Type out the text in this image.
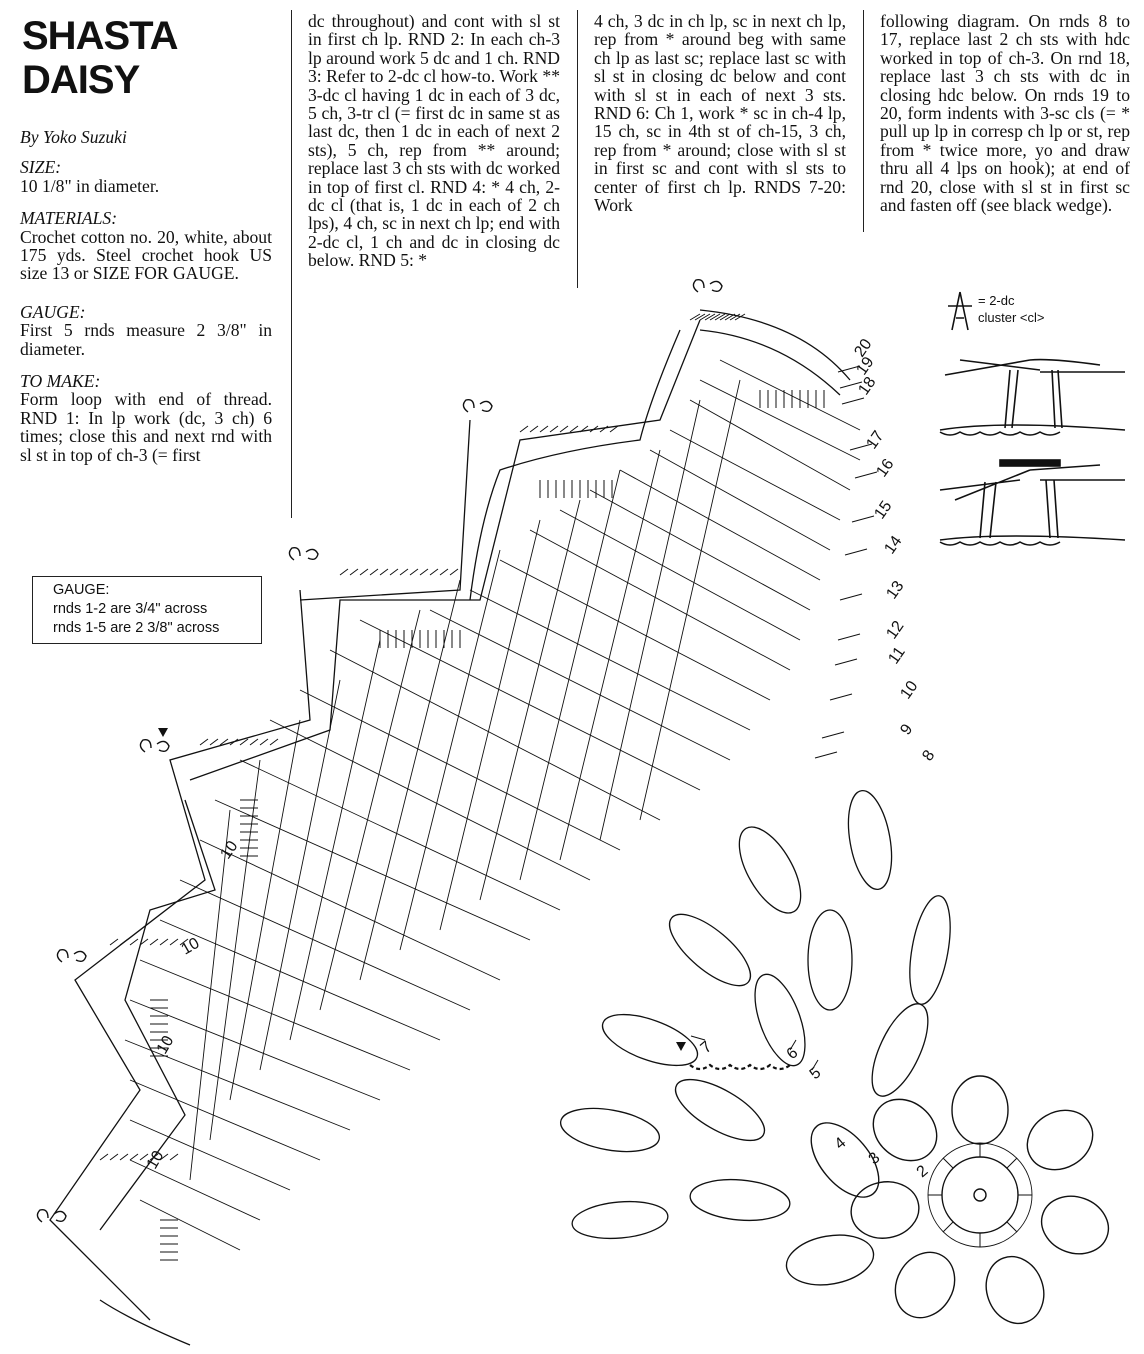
SHASTA
DAISY

By Yoko Suzuki

SIZE:

10 1/8" in diameter.

MATERIALS:

Crochet cotton no. 20, white, about 175 yds. Steel crochet hook US size 13 or SIZE FOR GAUGE.

GAUGE:

First 5 rnds measure 2 3/8" in diameter.

TO MAKE:

Form loop with end of thread. RND 1: In lp work (dc, 3 ch) 6 times; close this and next rnd with sl st in top of ch-3 (= first

dc throughout) and cont with sl st in first ch lp. RND 2: In each ch-3 lp around work 5 dc and 1 ch. RND 3: Refer to 2-dc cl how-to. Work ** 3-dc cl having 1 dc in each of 3 dc, 5 ch, 3-tr cl (= first dc in same st as last dc, then 1 dc in each of next 2 sts), 5 ch, rep from ** around; replace last 3 ch sts with dc worked in top of first cl. RND 4: * 4 ch, 2-dc cl (that is, 1 dc in each of 2 ch lps), 4 ch, sc in next ch lp; end with 2-dc cl, 1 ch and dc in closing dc below. RND 5: *
4 ch, 3 dc in ch lp, sc in next ch lp, rep from * around beg with same ch lp as last sc; replace last sc with sl st in closing dc below and cont with sl st in each of next 3 sts. RND 6: Ch 1, work * sc in ch-4 lp, 15 ch, sc in 4th st of ch-15, 3 ch, rep from * around; close with sl st in first sc and cont with sl sts to center of first ch lp. RNDS 7-20: Work
following diagram. On rnds 8 to 17, replace last 2 ch sts with hdc worked in top of ch-3. On rnd 18, replace last 3 ch sts with dc in closing hdc below. On rnds 19 to 20, form indents with 3-sc cls (= * pull up lp in corresp ch lp or st, rep from * twice more, yo and draw thru all 4 lps on hook); at end of rnd 20, close with sl st in first sc and fasten off (see black wedge).
GAUGE:
rnds 1-2 are 3/4" across
rnds 1-5 are 2 3/8" across
= 2-dc
cluster <cl>
20
19
18
17
16
15
14
13
12
11
10
9
8
7	6
5
4
3
2
10
10
10
10
